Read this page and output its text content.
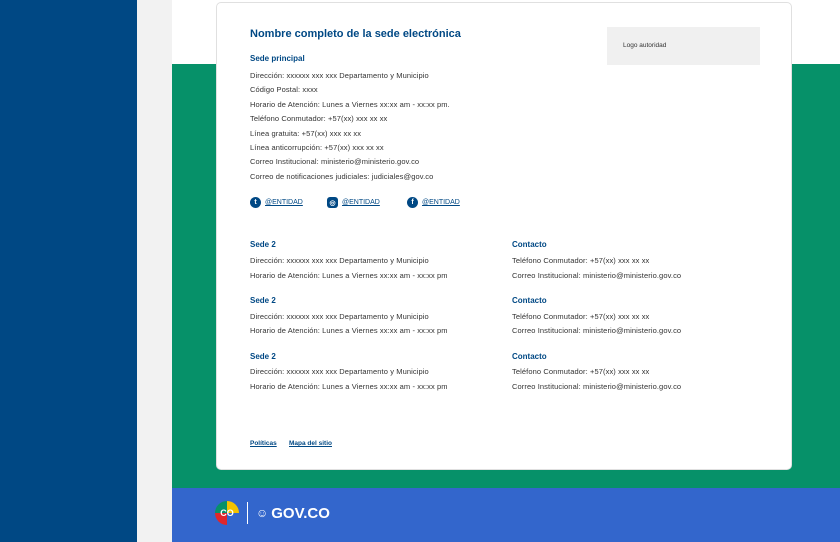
Nombre completo de la sede electrónica
Logo autoridad
Sede principal
Dirección: xxxxxx xxx xxx Departamento y Municipio
Código Postal: xxxx
Horario de Atención: Lunes a Viernes xx:xx am - xx:xx pm.
Teléfono Conmutador: +57(xx) xxx xx xx
Línea gratuita: +57(xx) xxx xx xx
Línea anticorrupción: +57(xx) xxx xx xx
Correo Institucional: ministerio@ministerio.gov.co
Correo de notificaciones judiciales: judiciales@gov.co
t	@ENTIDAD	◎ @ENTIDAD	f	@ENTIDAD
Sede 2
Dirección: xxxxxx xxx xxx Departamento y Municipio
Horario de Atención: Lunes a Viernes xx:xx am - xx:xx pm
Contacto
Teléfono Conmutador: +57(xx) xxx xx xx
Correo Institucional: ministerio@ministerio.gov.co
Sede 2
Dirección: xxxxxx xxx xxx Departamento y Municipio
Horario de Atención: Lunes a Viernes xx:xx am - xx:xx pm
Contacto
Teléfono Conmutador: +57(xx) xxx xx xx
Correo Institucional: ministerio@ministerio.gov.co
Sede 2
Dirección: xxxxxx xxx xxx Departamento y Municipio
Horario de Atención: Lunes a Viernes xx:xx am - xx:xx pm
Contacto
Teléfono Conmutador: +57(xx) xxx xx xx
Correo Institucional: ministerio@ministerio.gov.co
Políticas Mapa del sitio
CO	☺ GOV.CO
